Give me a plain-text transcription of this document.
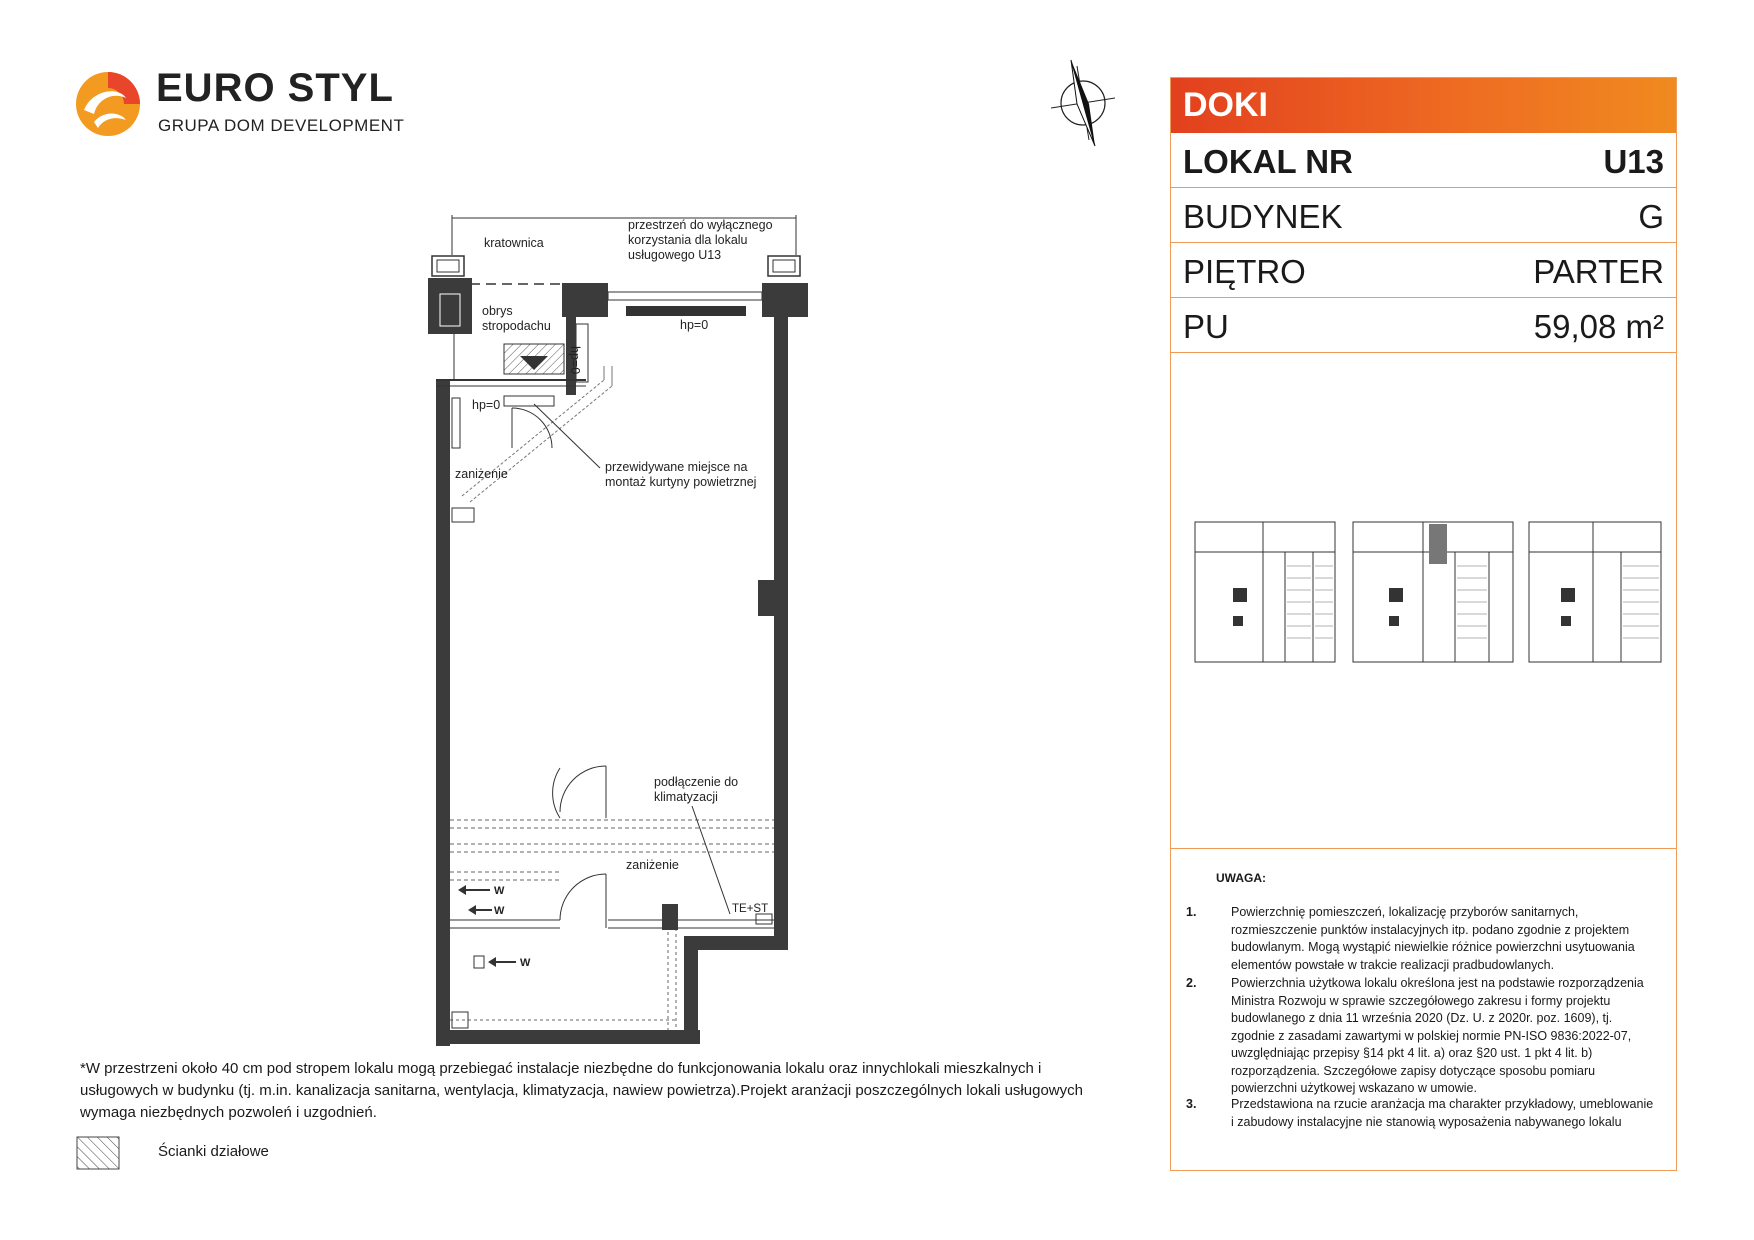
EURO STYL
GRUPA DOM DEVELOPMENT
kratownica
przestrzeń do wyłącznego korzystania dla lokalu usługowego U13
obrys stropodachu	hp=0
hp=0
hp=0
przewidywane miejsce na montaż kurtyny powietrznej
zaniżenie
podłączenie do klimatyzacji
zaniżenie
TE+ST
W
W
W
DOKI
LOKAL NR	U13
BUDYNEK	G
PIĘTRO	PARTER
PU	59,08 m²
UWAGA:
1.	Powierzchnię pomieszczeń, lokalizację przyborów sanitarnych, rozmieszczenie punktów instalacyjnych itp. podano zgodnie z projektem budowlanym. Mogą wystąpić niewielkie różnice powierzchni usytuowania elementów powstałe w trakcie realizacji pradbudowlanych.
2.	Powierzchnia użytkowa lokalu określona jest na podstawie rozporządzenia Ministra Rozwoju w sprawie szczegółowego zakresu i formy projektu budowlanego z dnia 11 września 2020 (Dz. U. z 2020r. poz. 1609), tj. zgodnie z zasadami zawartymi w polskiej normie PN-ISO 9836:2022-07, uwzględniając przepisy §14 pkt 4 lit. a) oraz §20 ust. 1 pkt 4 lit. b) rozporządzenia. Szczegółowe zapisy dotyczące sposobu pomiaru powierzchni użytkowej wskazano w umowie.
3.	Przedstawiona na rzucie aranżacja ma charakter przykładowy, umeblowanie i zabudowy instalacyjne nie stanowią wyposażenia nabywanego lokalu
*W przestrzeni około 40 cm pod stropem lokalu mogą przebiegać instalacje niezbędne do funkcjonowania lokalu oraz innychlokali mieszkalnych i usługowych w budynku (tj. m.in. kanalizacja sanitarna, wentylacja, klimatyzacja, nawiew powietrza).Projekt aranżacji poszczególnych lokali usługowych wymaga niezbędnych pozwoleń i uzgodnień.
Ścianki działowe
